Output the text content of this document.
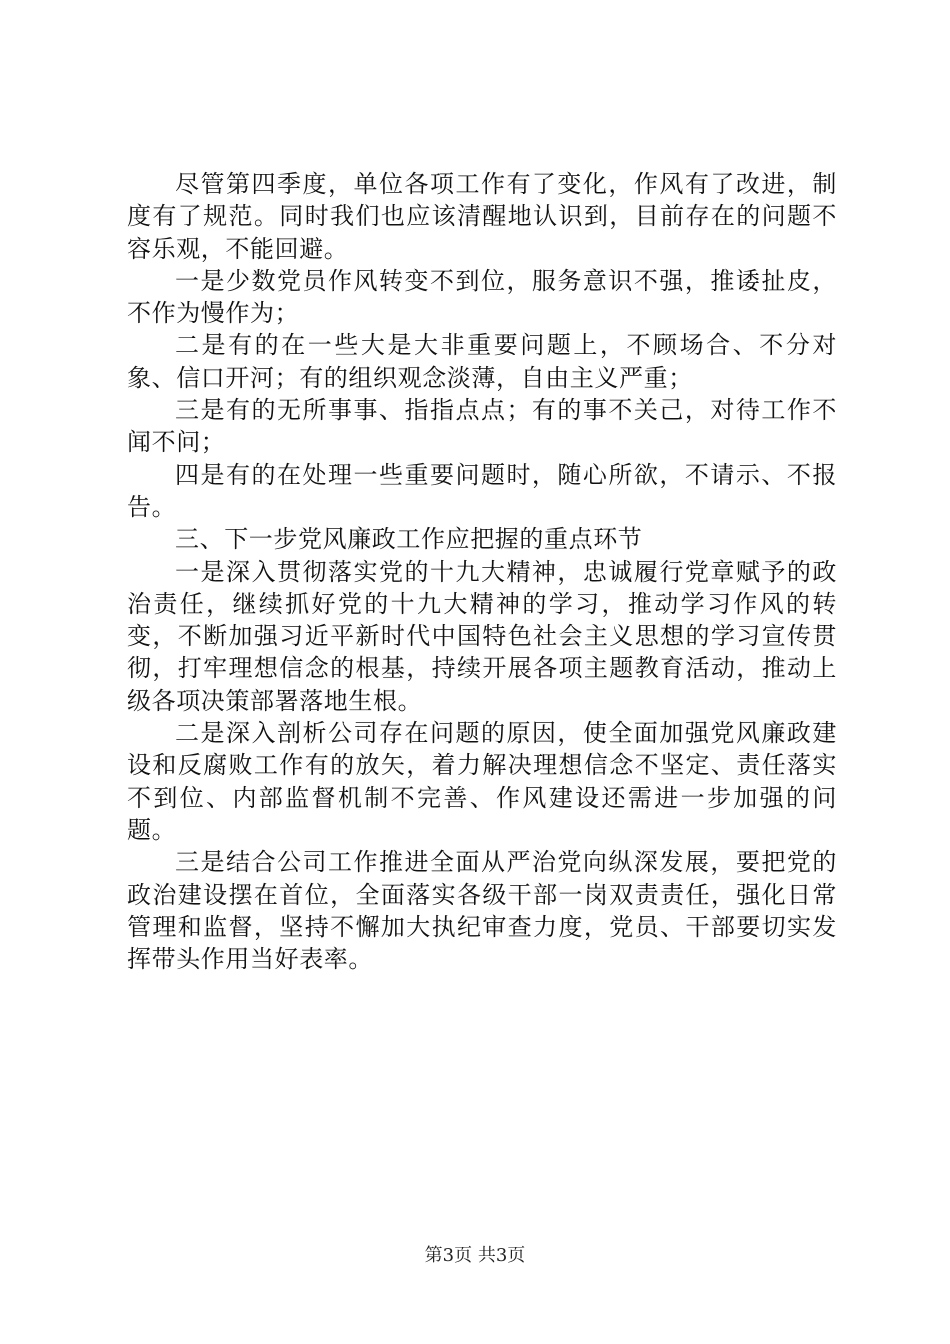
尽管第四季度，单位各项工作有了变化，作风有了改进，制度有了规范。同时我们也应该清醒地认识到，目前存在的问题不容乐观，不能回避。

一是少数党员作风转变不到位，服务意识不强，推诿扯皮，不作为慢作为；

二是有的在一些大是大非重要问题上，不顾场合、不分对象、信口开河；有的组织观念淡薄，自由主义严重；

三是有的无所事事、指指点点；有的事不关己，对待工作不闻不问；

四是有的在处理一些重要问题时，随心所欲，不请示、不报告。

三、下一步党风廉政工作应把握的重点环节

一是深入贯彻落实党的十九大精神，忠诚履行党章赋予的政治责任，继续抓好党的十九大精神的学习，推动学习作风的转变，不断加强习近平新时代中国特色社会主义思想的学习宣传贯彻，打牢理想信念的根基，持续开展各项主题教育活动，推动上级各项决策部署落地生根。

二是深入剖析公司存在问题的原因，使全面加强党风廉政建设和反腐败工作有的放矢，着力解决理想信念不坚定、责任落实不到位、内部监督机制不完善、作风建设还需进一步加强的问题。

三是结合公司工作推进全面从严治党向纵深发展，要把党的政治建设摆在首位，全面落实各级干部一岗双责责任，强化日常管理和监督，坚持不懈加大执纪审查力度，党员、干部要切实发挥带头作用当好表率。

第3页 共3页
